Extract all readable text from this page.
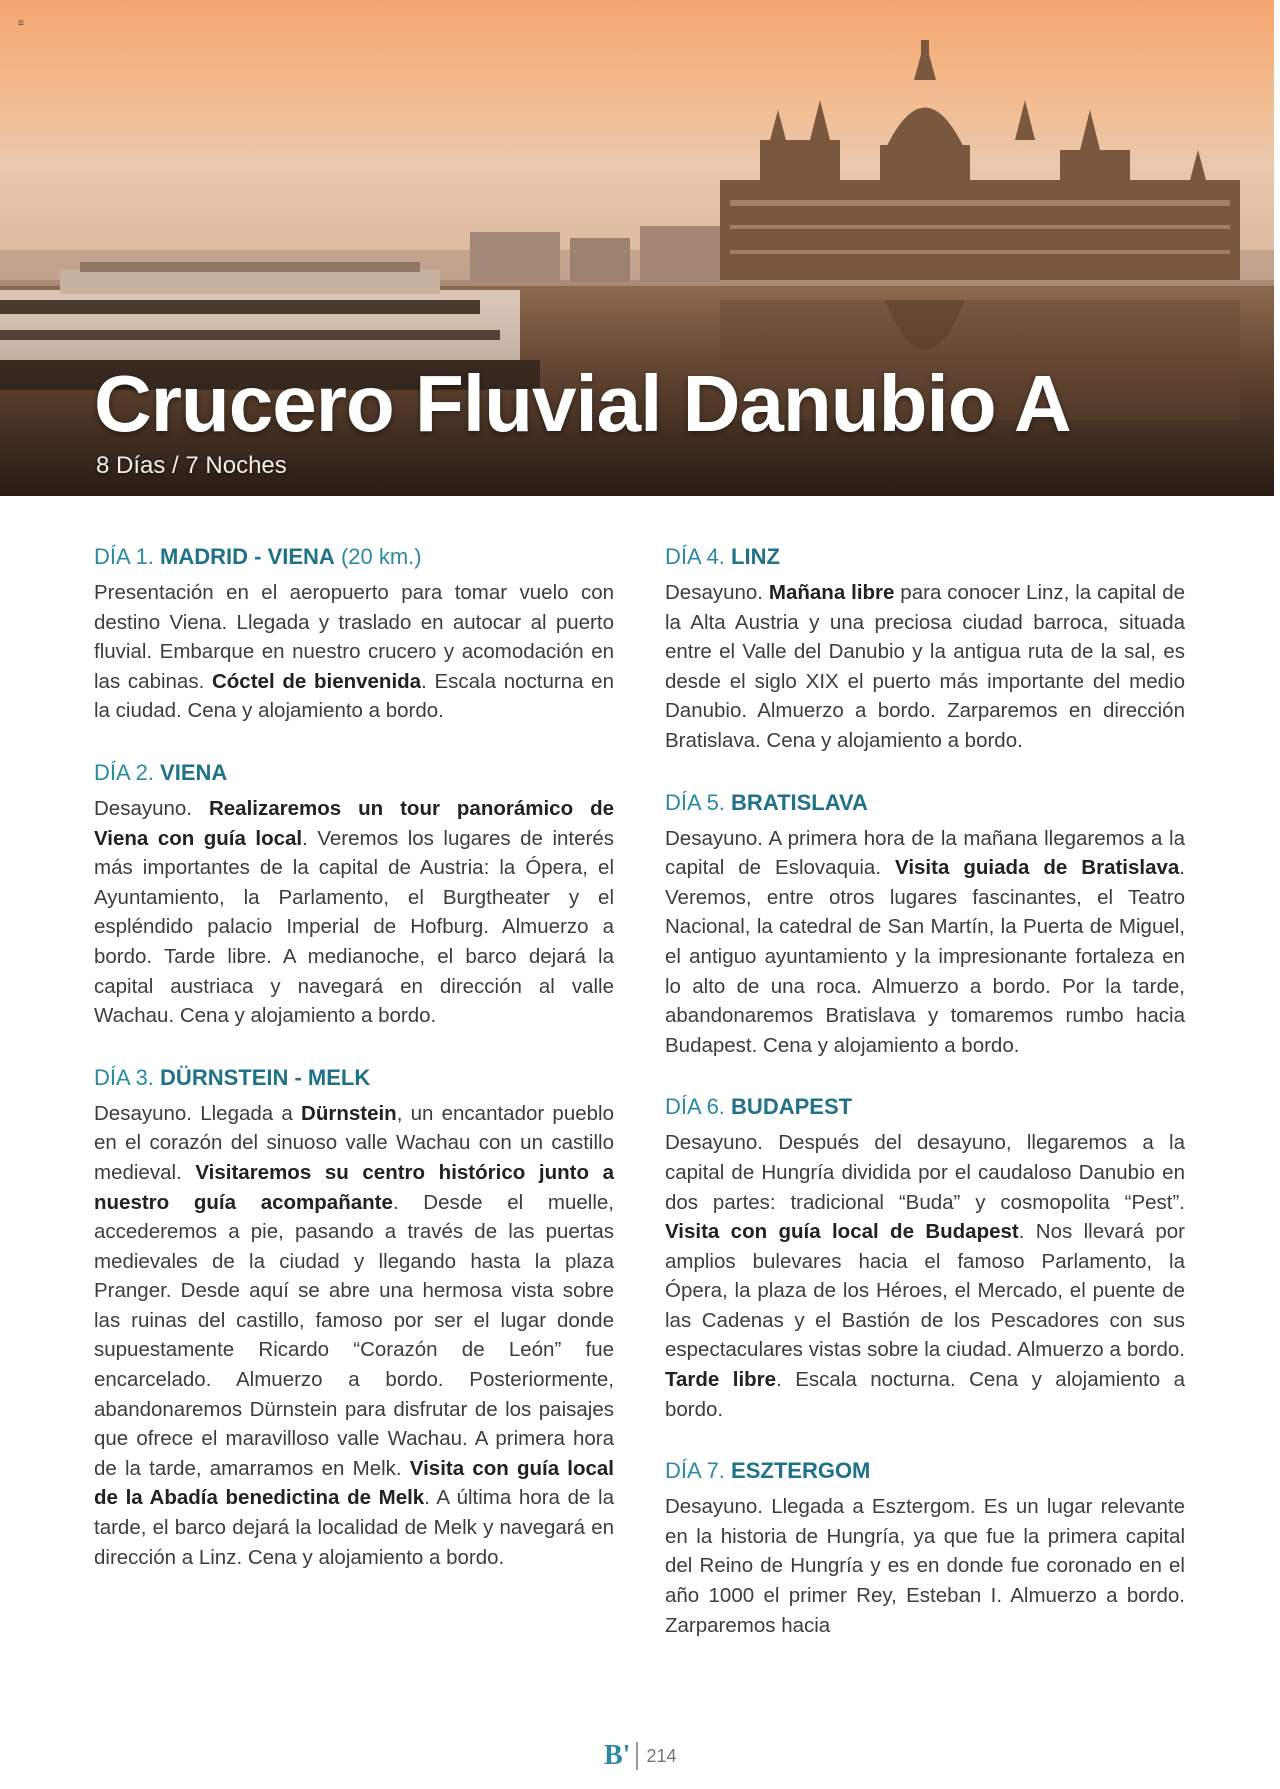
≡
Crucero Fluvial Danubio A
8 Días / 7 Noches
DÍA 1. MADRID - VIENA (20 km.)

Presentación en el aeropuerto para tomar vuelo con destino Viena. Llegada y traslado en autocar al puerto fluvial. Embarque en nuestro crucero y acomodación en las cabinas. Cóctel de bienvenida. Escala nocturna en la ciudad. Cena y alojamiento a bordo.

DÍA 2. VIENA

Desayuno. Realizaremos un tour panorámico de Viena con guía local. Veremos los lugares de interés más importantes de la capital de Austria: la Ópera, el Ayuntamiento, la Parlamento, el Burgtheater y el espléndido palacio Imperial de Hofburg. Almuerzo a bordo. Tarde libre. A medianoche, el barco dejará la capital austriaca y navegará en dirección al valle Wachau. Cena y alojamiento a bordo.

DÍA 3. DÜRNSTEIN - MELK

Desayuno. Llegada a Dürnstein, un encantador pueblo en el corazón del sinuoso valle Wachau con un castillo medieval. Visitaremos su centro histórico junto a nuestro guía acompañante. Desde el muelle, accederemos a pie, pasando a través de las puertas medievales de la ciudad y llegando hasta la plaza Pranger. Desde aquí se abre una hermosa vista sobre las ruinas del castillo, famoso por ser el lugar donde supuestamente Ricardo “Corazón de León” fue encarcelado. Almuerzo a bordo. Posteriormente, abandonaremos Dürnstein para disfrutar de los paisajes que ofrece el maravilloso valle Wachau. A primera hora de la tarde, amarramos en Melk. Visita con guía local de la Abadía benedictina de Melk. A última hora de la tarde, el barco dejará la localidad de Melk y navegará en dirección a Linz. Cena y alojamiento a bordo.

DÍA 4. LINZ

Desayuno. Mañana libre para conocer Linz, la capital de la Alta Austria y una preciosa ciudad barroca, situada entre el Valle del Danubio y la antigua ruta de la sal, es desde el siglo XIX el puerto más importante del medio Danubio. Almuerzo a bordo. Zarparemos en dirección Bratislava. Cena y alojamiento a bordo.

DÍA 5. BRATISLAVA

Desayuno. A primera hora de la mañana llegaremos a la capital de Eslovaquia. Visita guiada de Bratislava. Veremos, entre otros lugares fascinantes, el Teatro Nacional, la catedral de San Martín, la Puerta de Miguel, el antiguo ayuntamiento y la impresionante fortaleza en lo alto de una roca. Almuerzo a bordo. Por la tarde, abandonaremos Bratislava y tomaremos rumbo hacia Budapest. Cena y alojamiento a bordo.

DÍA 6. BUDAPEST

Desayuno. Después del desayuno, llegaremos a la capital de Hungría dividida por el caudaloso Danubio en dos partes: tradicional “Buda” y cosmopolita “Pest”. Visita con guía local de Budapest. Nos llevará por amplios bulevares hacia el famoso Parlamento, la Ópera, la plaza de los Héroes, el Mercado, el puente de las Cadenas y el Bastión de los Pescadores con sus espectaculares vistas sobre la ciudad. Almuerzo a bordo. Tarde libre. Escala nocturna. Cena y alojamiento a bordo.

DÍA 7. ESZTERGOM

Desayuno. Llegada a Esztergom. Es un lugar relevante en la historia de Hungría, ya que fue la primera capital del Reino de Hungría y es en donde fue coronado en el año 1000 el primer Rey, Esteban I. Almuerzo a bordo. Zarparemos hacia

B' 214
